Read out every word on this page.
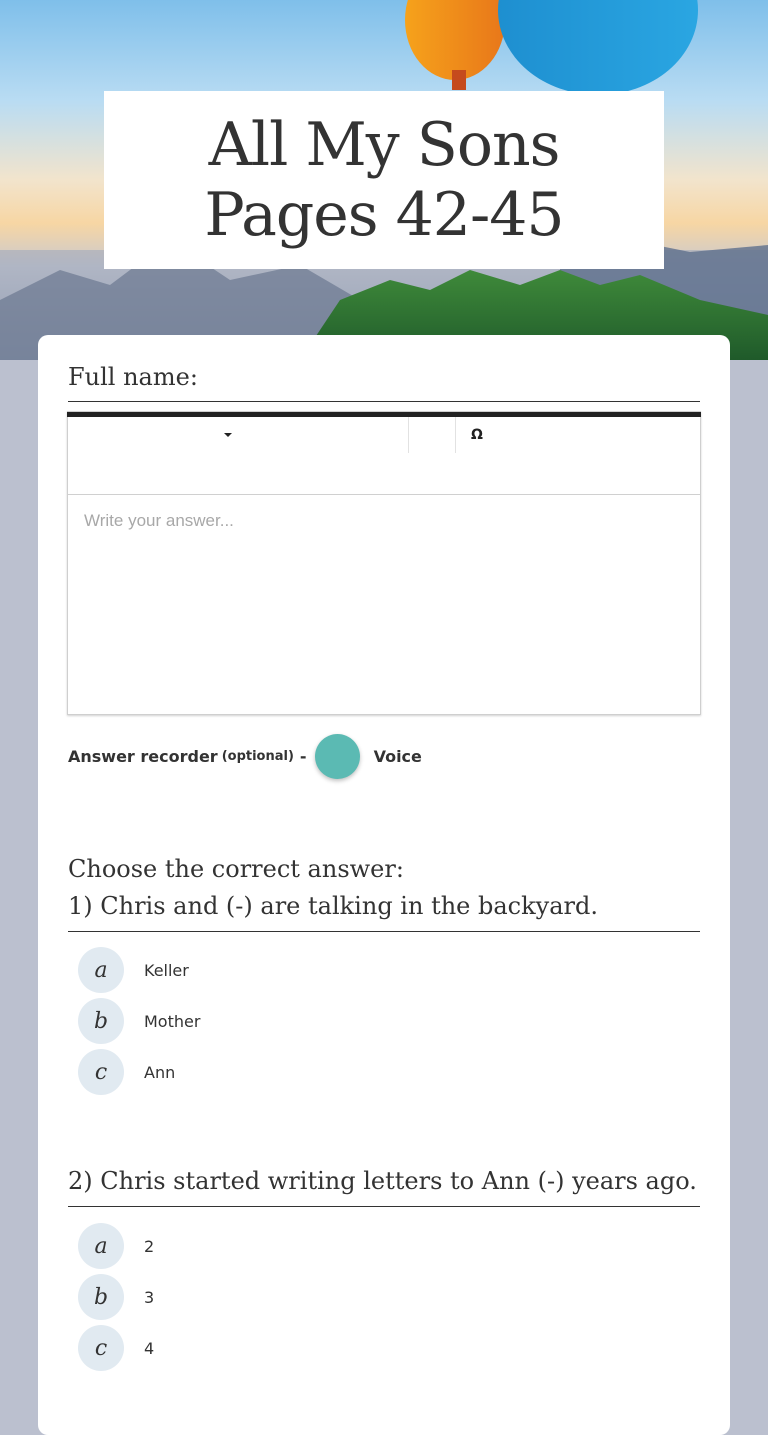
All My Sons
Pages 42-45
Full name:
Ω
Write your answer...
Answer recorder (optional) -	Voice
Choose the correct answer:
1) Chris and (-) are talking in the backyard.
a	Keller
b	Mother
c	Ann
2) Chris started writing letters to Ann (-) years ago.
a	2
b	3
c	4
